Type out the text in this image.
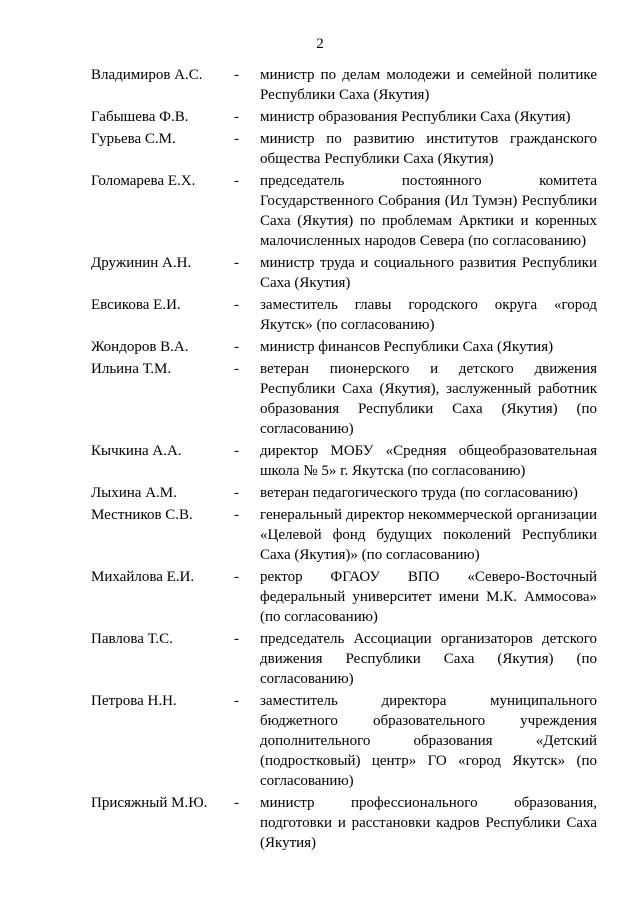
2
Владимиров А.С.	-	министр по делам молодежи и семейной политике Республики Саха (Якутия)
Габышева Ф.В.	-	министр образования Республики Саха (Якутия)
Гурьева С.М.	-	министр по развитию институтов гражданского общества Республики Саха (Якутия)
Голомарева Е.Х.	-	председатель постоянного комитета Государственного Собрания (Ил Тумэн) Республики Саха (Якутия) по проблемам Арктики и коренных малочисленных народов Севера (по согласованию)
Дружинин А.Н.	-	министр труда и социального развития Республики Саха (Якутия)
Евсикова Е.И.	-	заместитель главы городского округа «город Якутск» (по согласованию)
Жондоров В.А.	-	министр финансов Республики Саха (Якутия)
Ильина Т.М.	-	ветеран пионерского и детского движения Республики Саха (Якутия), заслуженный работник образования Республики Саха (Якутия) (по согласованию)
Кычкина А.А.	-	директор МОБУ «Средняя общеобразовательная школа № 5» г. Якутска (по согласованию)
Лыхина А.М.	-	ветеран педагогического труда (по согласованию)
Местников С.В.	-	генеральный директор некоммерческой организации «Целевой фонд будущих поколений Республики Саха (Якутия)» (по согласованию)
Михайлова Е.И.	-	ректор ФГАОУ ВПО «Северо-Восточный федеральный университет имени М.К. Аммосова» (по согласованию)
Павлова Т.С.	-	председатель Ассоциации организаторов детского движения Республики Саха (Якутия) (по согласованию)
Петрова Н.Н.	-	заместитель директора муниципального бюджетного образовательного учреждения дополнительного образования «Детский (подростковый) центр» ГО «город Якутск» (по согласованию)
Присяжный М.Ю.	-	министр профессионального образования, подготовки и расстановки кадров Республики Саха (Якутия)
